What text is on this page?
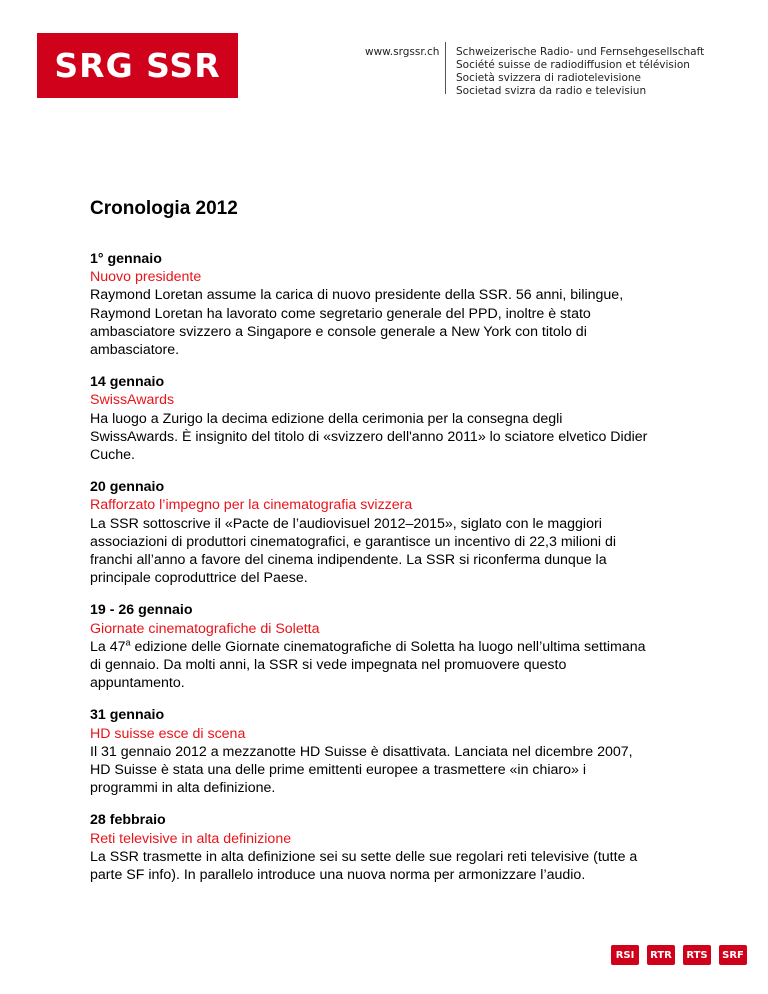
SRG SSR	www.srgssr.ch Schweizerische Radio- und Fernsehgesellschaft
Société suisse de radiodiffusion et télévision
Società svizzera di radiotelevisione
Societad svizra da radio e televisiun
Cronologia 2012
1° gennaio
Nuovo presidente
Raymond Loretan assume la carica di nuovo presidente della SSR. 56 anni, bilingue, Raymond Loretan ha lavorato come segretario generale del PPD, inoltre è stato ambasciatore svizzero a Singapore e console generale a New York con titolo di ambasciatore.
14 gennaio
SwissAwards
Ha luogo a Zurigo la decima edizione della cerimonia per la consegna degli SwissAwards. È insignito del titolo di «svizzero dell'anno 2011» lo sciatore elvetico Didier Cuche.
20 gennaio
Rafforzato l’impegno per la cinematografia svizzera
La SSR sottoscrive il «Pacte de l’audiovisuel 2012–2015», siglato con le maggiori associazioni di produttori cinematografici, e garantisce un incentivo di 22,3 milioni di franchi all’anno a favore del cinema indipendente. La SSR si riconferma dunque la principale coproduttrice del Paese.
19 - 26 gennaio
Giornate cinematografiche di Soletta
La 47$^a$ edizione delle Giornate cinematografiche di Soletta ha luogo nell’ultima settimana di gennaio. Da molti anni, la SSR si vede impegnata nel promuovere questo appuntamento.
31 gennaio
HD suisse esce di scena
Il 31 gennaio 2012 a mezzanotte HD Suisse è disattivata. Lanciata nel dicembre 2007, HD Suisse è stata una delle prime emittenti europee a trasmettere «in chiaro» i programmi in alta definizione.
28 febbraio
Reti televisive in alta definizione
La SSR trasmette in alta definizione sei su sette delle sue regolari reti televisive (tutte a parte SF info). In parallelo introduce una nuova norma per armonizzare l’audio.
RSI	RTR	RTS	SRF
